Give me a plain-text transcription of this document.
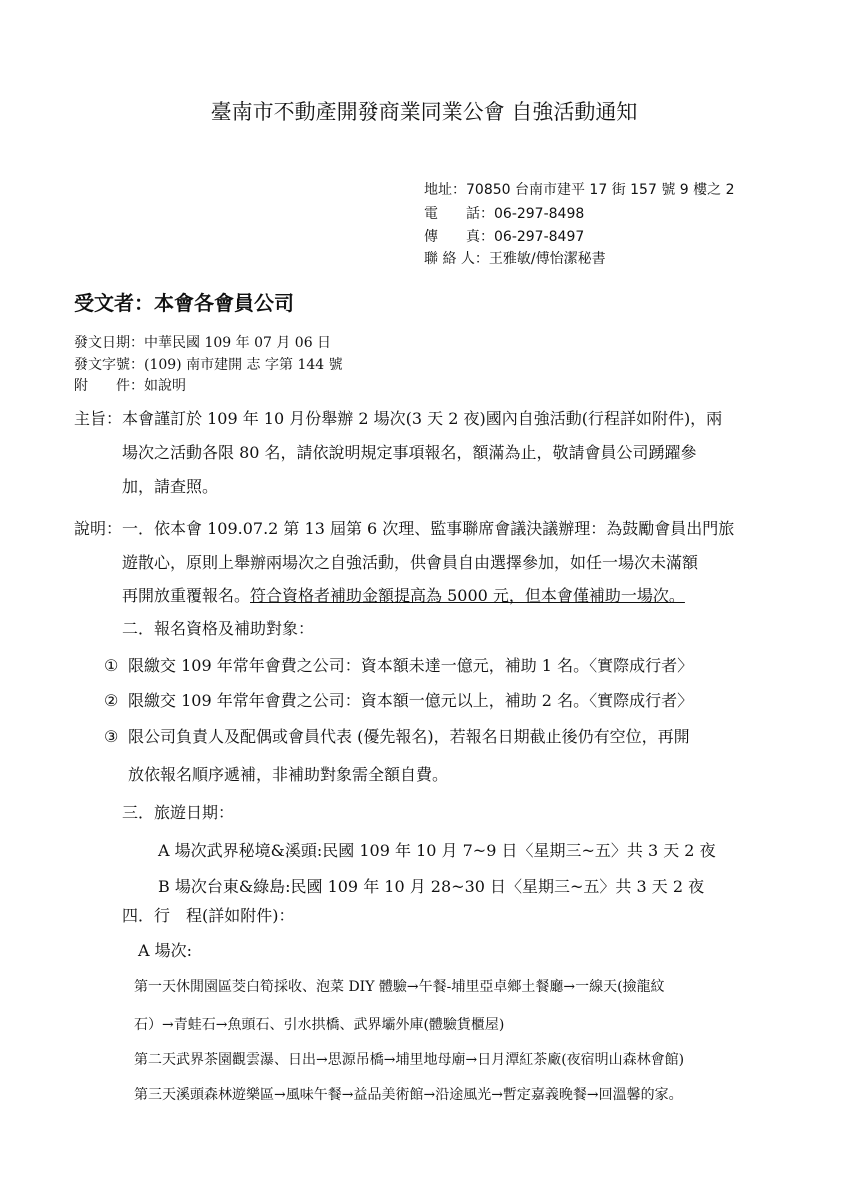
臺南市不動產開發商業同業公會 自強活動通知
地址：70850 台南市建平 17 街 157 號 9 樓之 2
電　　話：06-297-8498
傳　　真：06-297-8497
聯 絡 人：王雅敏/傅怡潔秘書
受文者：本會各會員公司
發文日期：中華民國 109 年 07 月 06 日
發文字號：(109) 南市建開 志 字第 144 號
附　　件：如說明
主旨：本會謹訂於 109 年 10 月份舉辦 2 場次(3 天 2 夜)國內自強活動(行程詳如附件)，兩
場次之活動各限 80 名，請依說明規定事項報名，額滿為止，敬請會員公司踴躍參
加，請查照。
說明：一．依本會 109.07.2 第 13 屆第 6 次理、監事聯席會議決議辦理：為鼓勵會員出門旅
遊散心，原則上舉辦兩場次之自強活動，供會員自由選擇參加，如任一場次未滿額
再開放重覆報名。符合資格者補助金額提高為 5000 元，但本會僅補助一場次。
二．報名資格及補助對象：
① 限繳交 109 年常年會費之公司：資本額未達一億元，補助 1 名。〈實際成行者〉
② 限繳交 109 年常年會費之公司：資本額一億元以上，補助 2 名。〈實際成行者〉
③ 限公司負責人及配偶或會員代表 (優先報名)，若報名日期截止後仍有空位，再開
放依報名順序遞補，非補助對象需全額自費。
三．旅遊日期：
A 場次武界秘境&溪頭:民國 109 年 10 月 7~9 日〈星期三~五〉共 3 天 2 夜
B 場次台東&綠島:民國 109 年 10 月 28~30 日〈星期三~五〉共 3 天 2 夜
四．行　程(詳如附件)：
A 場次:
第一天休閒園區茭白筍採收、泡菜 DIY 體驗→午餐-埔里亞卓鄉土餐廳→一線天(撿龍紋
石）→青蛙石→魚頭石、引水拱橋、武界壩外庫(體驗貨櫃屋)
第二天武界茶園觀雲瀑、日出→思源吊橋→埔里地母廟→日月潭紅茶廠(夜宿明山森林會館)
第三天溪頭森林遊樂區→風味午餐→益品美術館→沿途風光→暫定嘉義晚餐→回溫馨的家。
